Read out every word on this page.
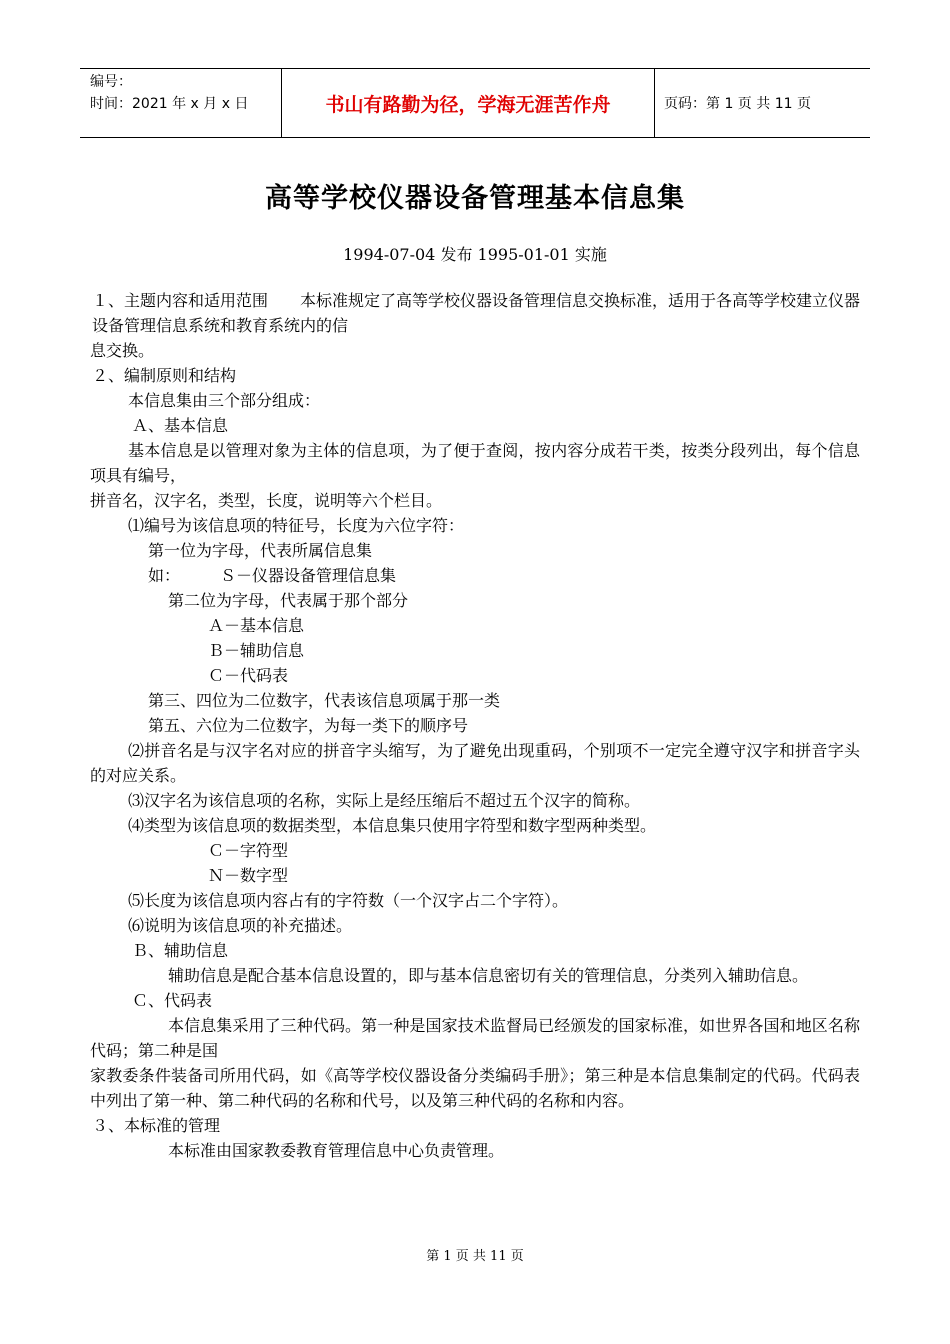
编号：
时间：2021 年 x 月 x 日	书山有路勤为径，学海无涯苦作舟	页码：第 1 页 共 11 页
高等学校仪器设备管理基本信息集
1994-07-04 发布 1995-01-01 实施

１、主题内容和适用范围　　本标准规定了高等学校仪器设备管理信息交换标准，适用于各高等学校建立仪器设备管理信息系统和教育系统内的信

息交换。

２、编制原则和结构

本信息集由三个部分组成：

Ａ、基本信息

基本信息是以管理对象为主体的信息项，为了便于查阅，按内容分成若干类，按类分段列出，每个信息项具有编号，

拼音名，汉字名，类型，长度，说明等六个栏目。

⑴编号为该信息项的特征号，长度为六位字符：

第一位为字母，代表所属信息集

如：　　　Ｓ－仪器设备管理信息集

第二位为字母，代表属于那个部分

Ａ－基本信息

Ｂ－辅助信息

Ｃ－代码表

第三、四位为二位数字，代表该信息项属于那一类

第五、六位为二位数字，为每一类下的顺序号

⑵拼音名是与汉字名对应的拼音字头缩写，为了避免出现重码，个别项不一定完全遵守汉字和拼音字头的对应关系。

⑶汉字名为该信息项的名称，实际上是经压缩后不超过五个汉字的简称。

⑷类型为该信息项的数据类型，本信息集只使用字符型和数字型两种类型。

Ｃ－字符型

Ｎ－数字型

⑸长度为该信息项内容占有的字符数（一个汉字占二个字符）。

⑹说明为该信息项的补充描述。

Ｂ、辅助信息

辅助信息是配合基本信息设置的，即与基本信息密切有关的管理信息，分类列入辅助信息。

Ｃ、代码表

本信息集采用了三种代码。第一种是国家技术监督局已经颁发的国家标准，如世界各国和地区名称代码；第二种是国

家教委条件装备司所用代码，如《高等学校仪器设备分类编码手册》；第三种是本信息集制定的代码。代码表中列出了第一种、第二种代码的名称和代号，以及第三种代码的名称和内容。

３、本标准的管理

本标准由国家教委教育管理信息中心负责管理。

第 1 页 共 11 页
